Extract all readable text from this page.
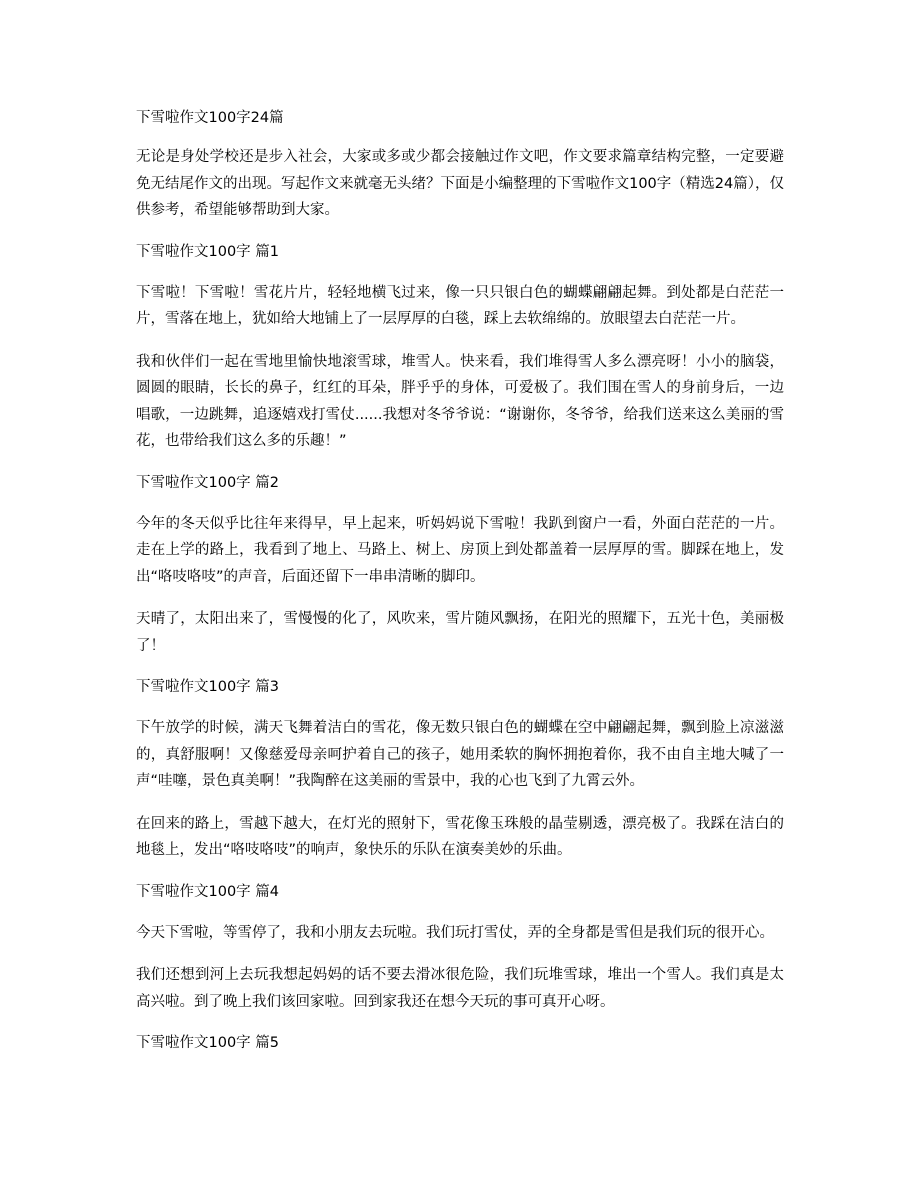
下雪啦作文100字24篇
无论是身处学校还是步入社会，大家或多或少都会接触过作文吧，作文要求篇章结构完整，一定要避免无结尾作文的出现。写起作文来就毫无头绪？下面是小编整理的下雪啦作文100字（精选24篇），仅供参考，希望能够帮助到大家。
下雪啦作文100字 篇1
下雪啦！下雪啦！雪花片片，轻轻地横飞过来，像一只只银白色的蝴蝶翩翩起舞。到处都是白茫茫一片，雪落在地上，犹如给大地铺上了一层厚厚的白毯，踩上去软绵绵的。放眼望去白茫茫一片。
我和伙伴们一起在雪地里愉快地滚雪球，堆雪人。快来看，我们堆得雪人多么漂亮呀！小小的脑袋，圆圆的眼睛，长长的鼻子，红红的耳朵，胖乎乎的身体，可爱极了。我们围在雪人的身前身后，一边唱歌，一边跳舞，追逐嬉戏打雪仗......我想对冬爷爷说：“谢谢你，冬爷爷，给我们送来这么美丽的雪花，也带给我们这么多的乐趣！”
下雪啦作文100字 篇2
今年的冬天似乎比往年来得早，早上起来，听妈妈说下雪啦！我趴到窗户一看，外面白茫茫的一片。走在上学的路上，我看到了地上、马路上、树上、房顶上到处都盖着一层厚厚的雪。脚踩在地上，发出“咯吱咯吱”的声音，后面还留下一串串清晰的脚印。
天晴了，太阳出来了，雪慢慢的化了，风吹来，雪片随风飘扬，在阳光的照耀下，五光十色，美丽极了！
下雪啦作文100字 篇3
下午放学的时候，满天飞舞着洁白的雪花，像无数只银白色的蝴蝶在空中翩翩起舞，飘到脸上凉滋滋的，真舒服啊！又像慈爱母亲呵护着自己的孩子，她用柔软的胸怀拥抱着你，我不由自主地大喊了一声“哇噻，景色真美啊！”我陶醉在这美丽的雪景中，我的心也飞到了九霄云外。
在回来的路上，雪越下越大，在灯光的照射下，雪花像玉珠般的晶莹剔透，漂亮极了。我踩在洁白的地毯上，发出“咯吱咯吱”的响声，象快乐的乐队在演奏美妙的乐曲。
下雪啦作文100字 篇4
今天下雪啦，等雪停了，我和小朋友去玩啦。我们玩打雪仗，弄的全身都是雪但是我们玩的很开心。
我们还想到河上去玩我想起妈妈的话不要去滑冰很危险，我们玩堆雪球，堆出一个雪人。我们真是太高兴啦。到了晚上我们该回家啦。回到家我还在想今天玩的事可真开心呀。
下雪啦作文100字 篇5
